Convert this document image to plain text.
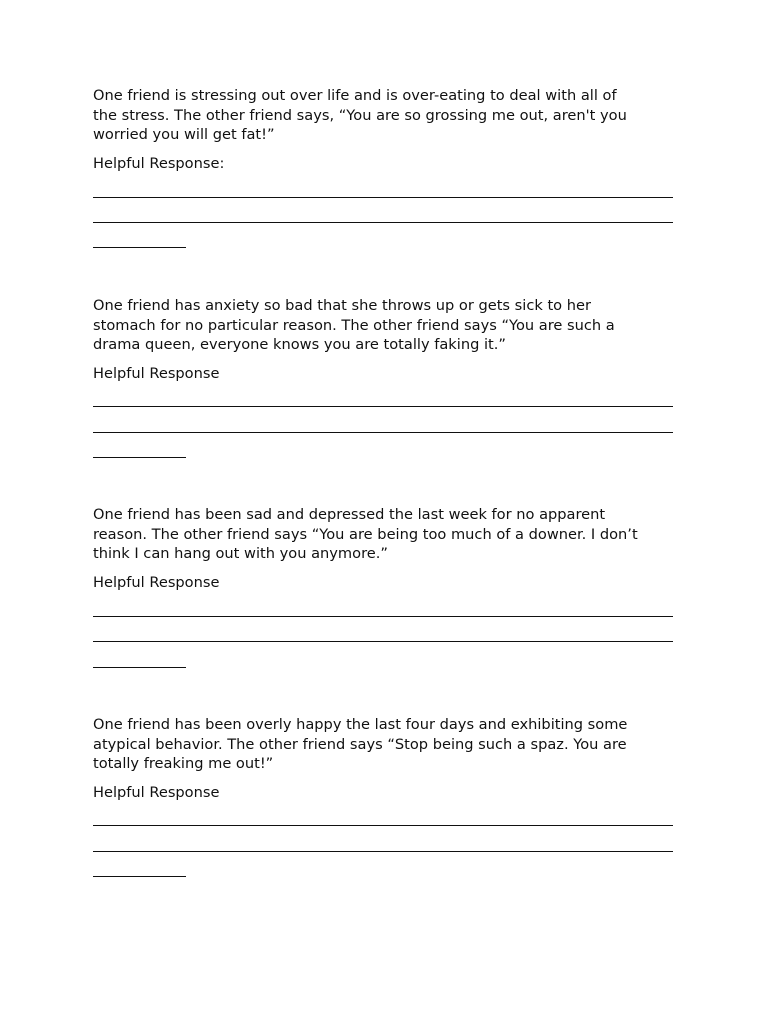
One friend is stressing out over life and is over-eating to deal with all of
the stress. The other friend says, “You are so grossing me out, aren't you
worried you will get fat!”

Helpful Response:

One friend has anxiety so bad that she throws up or gets sick to her
stomach for no particular reason. The other friend says “You are such a
drama queen, everyone knows you are totally faking it.”

Helpful Response

One friend has been sad and depressed the last week for no apparent
reason. The other friend says “You are being too much of a downer. I don’t
think I can hang out with you anymore.”

Helpful Response

One friend has been overly happy the last four days and exhibiting some
atypical behavior. The other friend says “Stop being such a spaz. You are
totally freaking me out!”

Helpful Response
